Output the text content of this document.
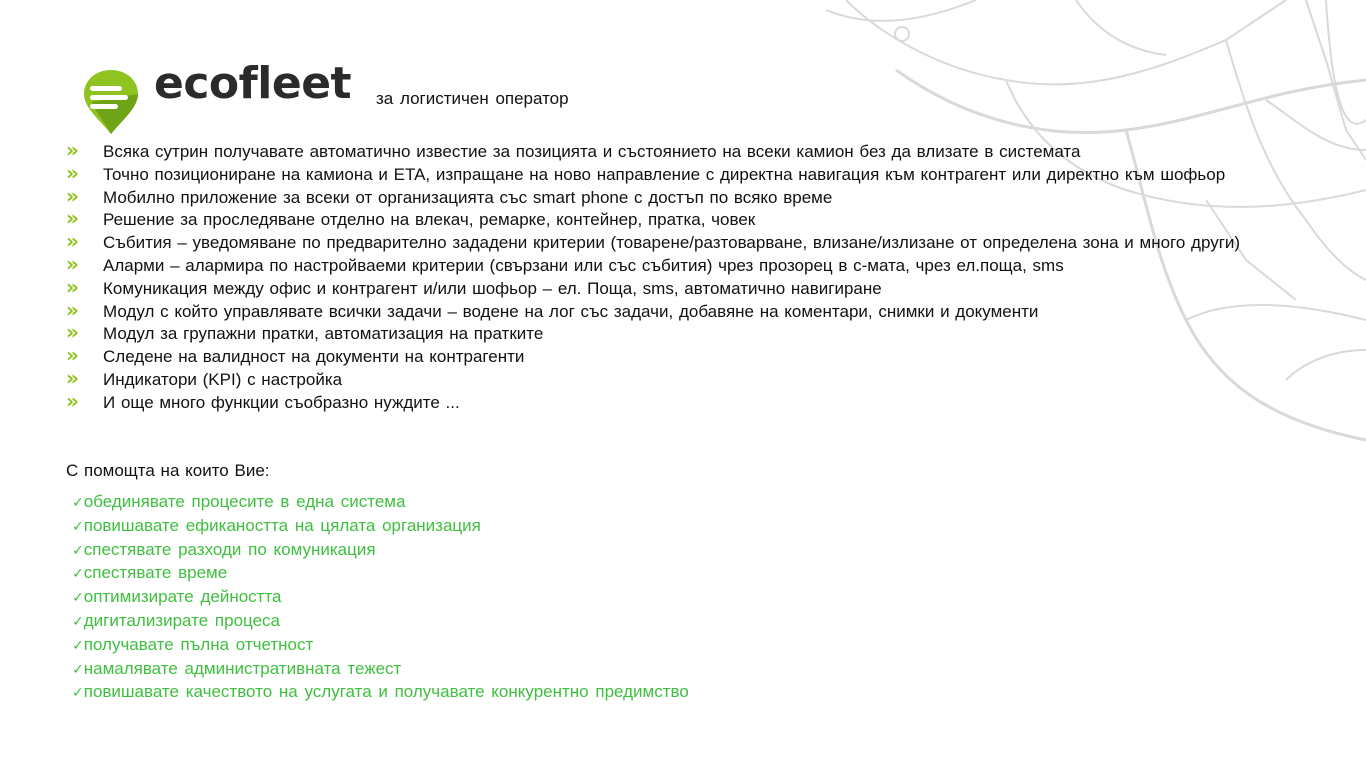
ecofleet за логистичен оператор
» Всяка сутрин получавате автоматично известие за позицията и състоянието на всеки камион без да влизате в системата
» Точно позициониране на камиона и ETA, изпращане на ново направление с директна навигация към контрагент или директно към шофьор
» Мобилно приложение за всеки от организацията със smart phone с достъп по всяко време
» Решение за проследяване отделно на влекач, ремарке, контейнер, пратка, човек
» Събития – уведомяване по предварително зададени критерии (товарене/разтоварване, влизане/излизане от определена зона и много други)
» Аларми – алармира по настройваеми критерии (свързани или със събития) чрез прозорец в с-мата, чрез ел.поща, sms
» Комуникация между офис и контрагент и/или шофьор – ел. Поща, sms, автоматично навигиране
» Модул с който управлявате всички задачи – водене на лог със задачи, добавяне на коментари, снимки и документи
» Модул за групажни пратки, автоматизация на пратките
» Следене на валидност на документи на контрагенти
» Индикатори (KPI) с настройка
» И още много функции съобразно нуждите ...
С помощта на които Вие:
✓обединявате процесите в една система
✓повишавате ефикаността на цялата организация
✓спестявате разходи по комуникация
✓спестявате време
✓оптимизирате дейността
✓дигитализирате процеса
✓получавате пълна отчетност
✓намалявате административната тежест
✓повишавате качеството на услугата и получавате конкурентно предимство
